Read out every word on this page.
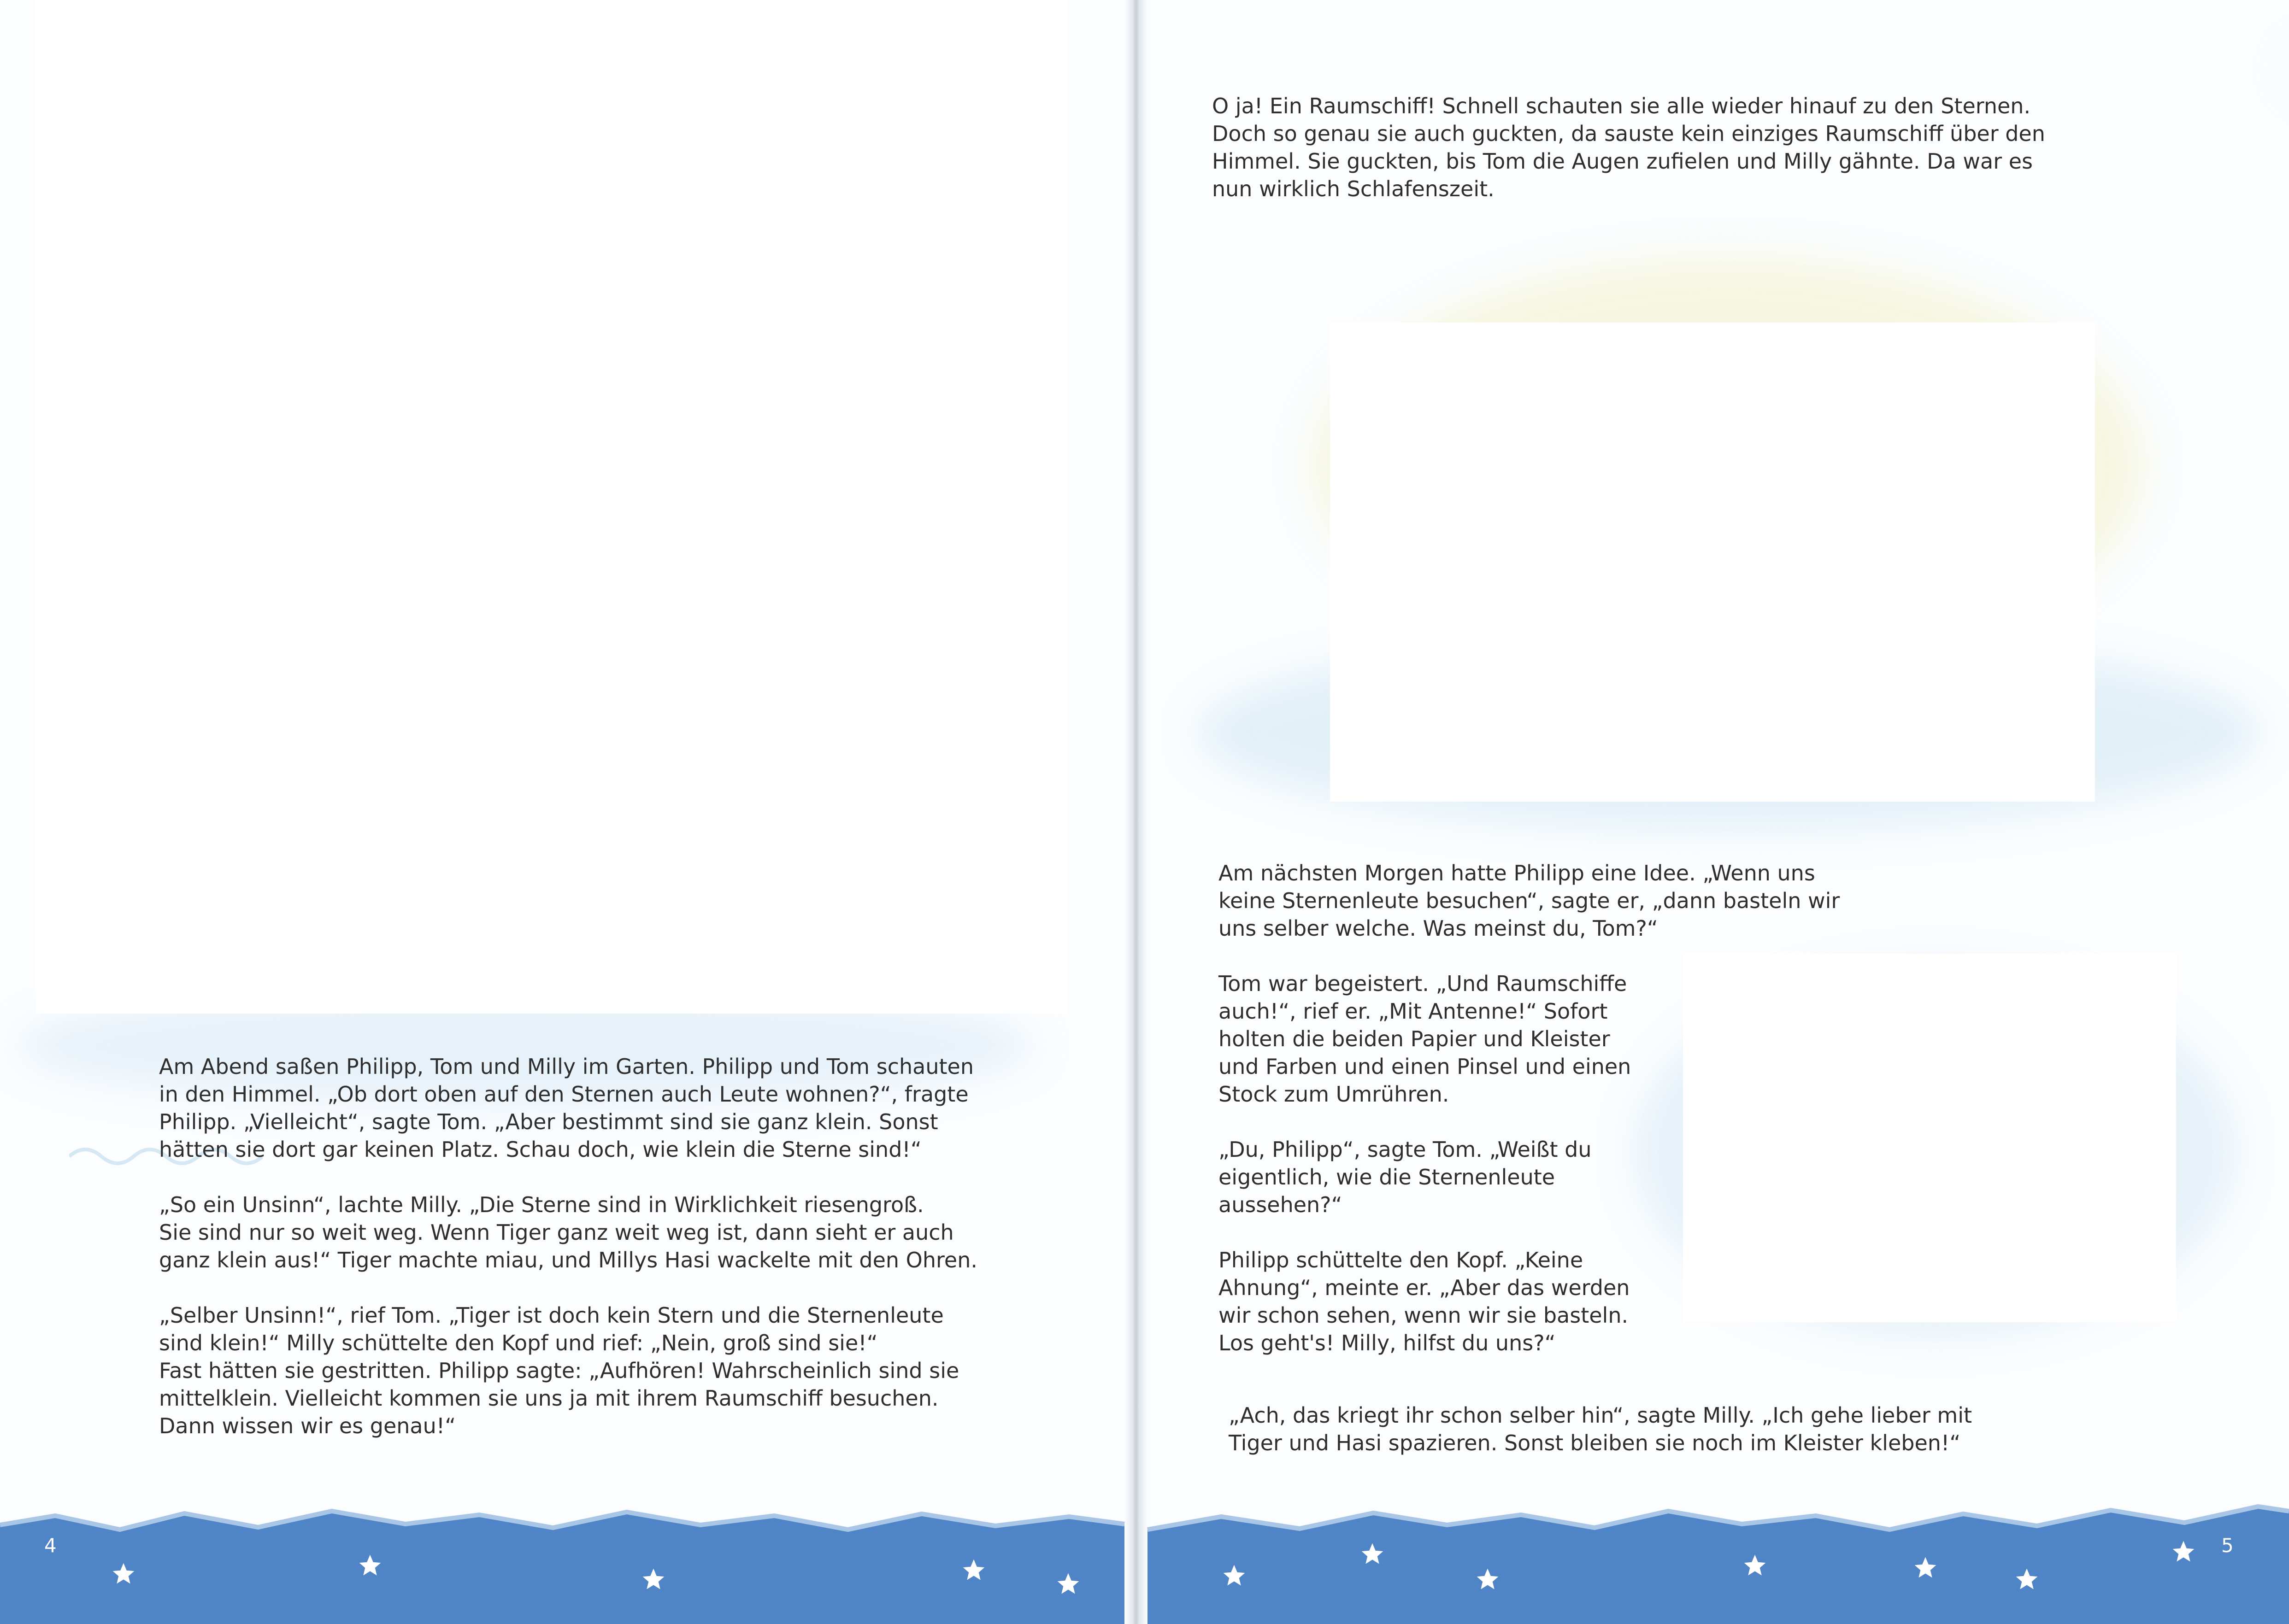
Am Abend saßen Philipp, Tom und Milly im Garten. Philipp und Tom schauten
in den Himmel. „Ob dort oben auf den Sternen auch Leute wohnen?“, fragte
Philipp. „Vielleicht“, sagte Tom. „Aber bestimmt sind sie ganz klein. Sonst
hätten sie dort gar keinen Platz. Schau doch, wie klein die Sterne sind!“

„So ein Unsinn“, lachte Milly. „Die Sterne sind in Wirklichkeit riesengroß.
Sie sind nur so weit weg. Wenn Tiger ganz weit weg ist, dann sieht er auch
ganz klein aus!“ Tiger machte miau, und Millys Hasi wackelte mit den Ohren.

„Selber Unsinn!“, rief Tom. „Tiger ist doch kein Stern und die Sternenleute
sind klein!“ Milly schüttelte den Kopf und rief: „Nein, groß sind sie!“
Fast hätten sie gestritten. Philipp sagte: „Aufhören! Wahrscheinlich sind sie
mittelklein. Vielleicht kommen sie uns ja mit ihrem Raumschiff besuchen.
Dann wissen wir es genau!“

O ja! Ein Raumschiff! Schnell schauten sie alle wieder hinauf zu den Sternen.
Doch so genau sie auch guckten, da sauste kein einziges Raumschiff über den
Himmel. Sie guckten, bis Tom die Augen zufielen und Milly gähnte. Da war es
nun wirklich Schlafenszeit.

Am nächsten Morgen hatte Philipp eine Idee. „Wenn uns
keine Sternenleute besuchen“, sagte er, „dann basteln wir
uns selber welche. Was meinst du, Tom?“

Tom war begeistert. „Und Raumschiffe
auch!“, rief er. „Mit Antenne!“ Sofort
holten die beiden Papier und Kleister
und Farben und einen Pinsel und einen
Stock zum Umrühren.

„Du, Philipp“, sagte Tom. „Weißt du
eigentlich, wie die Sternenleute
aussehen?“

Philipp schüttelte den Kopf. „Keine
Ahnung“, meinte er. „Aber das werden
wir schon sehen, wenn wir sie basteln.
Los geht's! Milly, hilfst du uns?“

„Ach, das kriegt ihr schon selber hin“, sagte Milly. „Ich gehe lieber mit
Tiger und Hasi spazieren. Sonst bleiben sie noch im Kleister kleben!“

4	5
